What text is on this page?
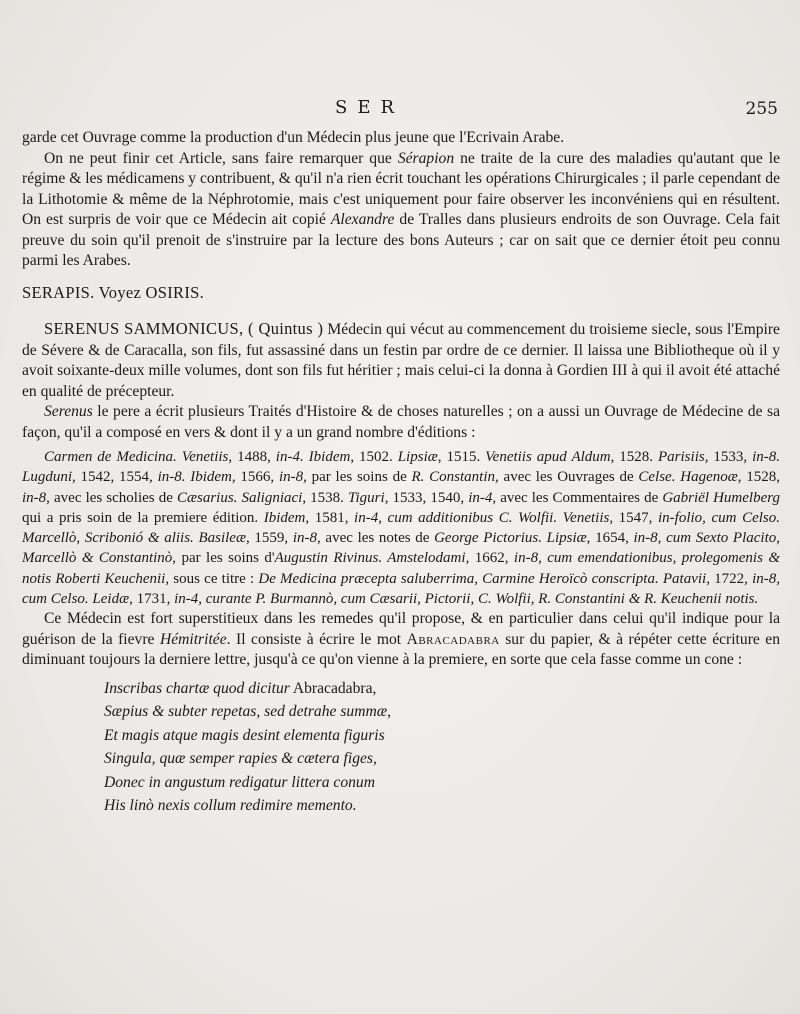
SER	255

garde cet Ouvrage comme la production d'un Médecin plus jeune que l'Ecrivain Arabe.

On ne peut finir cet Article, sans faire remarquer que Sérapion ne traite de la cure des maladies qu'autant que le régime & les médicamens y contribuent, & qu'il n'a rien écrit touchant les opérations Chirurgicales ; il parle cependant de la Lithotomie & même de la Néphrotomie, mais c'est uniquement pour faire observer les inconvéniens qui en résultent. On est surpris de voir que ce Médecin ait copié Alexandre de Tralles dans plusieurs endroits de son Ouvrage. Cela fait preuve du soin qu'il prenoit de s'instruire par la lecture des bons Auteurs ; car on sait que ce dernier étoit peu connu parmi les Arabes.

SERAPIS. Voyez OSIRIS.

SERENUS SAMMONICUS, ( Quintus ) Médecin qui vécut au commencement du troisieme siecle, sous l'Empire de Sévere & de Caracalla, son fils, fut assassiné dans un festin par ordre de ce dernier. Il laissa une Bibliotheque où il y avoit soixante-deux mille volumes, dont son fils fut héritier ; mais celui-ci la donna à Gordien III à qui il avoit été attaché en qualité de précepteur.

Serenus le pere a écrit plusieurs Traités d'Histoire & de choses naturelles ; on a aussi un Ouvrage de Médecine de sa façon, qu'il a composé en vers & dont il y a un grand nombre d'éditions :

Carmen de Medicina. Venetiis, 1488, in-4. Ibidem, 1502. Lipsiæ, 1515. Venetiis apud Aldum, 1528. Parisiis, 1533, in-8. Lugduni, 1542, 1554, in-8. Ibidem, 1566, in-8, par les soins de R. Constantin, avec les Ouvrages de Celse. Hagenoæ, 1528, in-8, avec les scholies de Cæsarius. Saligniaci, 1538. Tiguri, 1533, 1540, in-4, avec les Commentaires de Gabriël Humelberg qui a pris soin de la premiere édition. Ibidem, 1581, in-4, cum additionibus C. Wolfii. Venetiis, 1547, in-folio, cum Celso. Marcellò, Scribonió & aliis. Basileæ, 1559, in-8, avec les notes de George Pictorius. Lipsiæ, 1654, in-8, cum Sexto Placito, Marcellò & Constantinò, par les soins d'Augustin Rivinus. Amstelodami, 1662, in-8, cum emendationibus, prolegomenis & notis Roberti Keuchenii, sous ce titre : De Medicina præcepta saluberrima, Carmine Heroïcò conscripta. Patavii, 1722, in-8, cum Celso. Leidæ, 1731, in-4, curante P. Burmannò, cum Cæsarii, Pictorii, C. Wolfii, R. Constantini & R. Keuchenii notis.

Ce Médecin est fort superstitieux dans les remedes qu'il propose, & en particulier dans celui qu'il indique pour la guérison de la fievre Hémitritée. Il consiste à écrire le mot Abracadabra sur du papier, & à répéter cette écriture en diminuant toujours la derniere lettre, jusqu'à ce qu'on vienne à la premiere, en sorte que cela fasse comme un cone :

Inscribas chartæ quod dicitur Abracadabra,
Sæpius & subter repetas, sed detrahe summæ,
Et magis atque magis desint elementa figuris
Singula, quæ semper rapies & cætera figes,
Donec in angustum redigatur littera conum
His linò nexis collum redimire memento.
